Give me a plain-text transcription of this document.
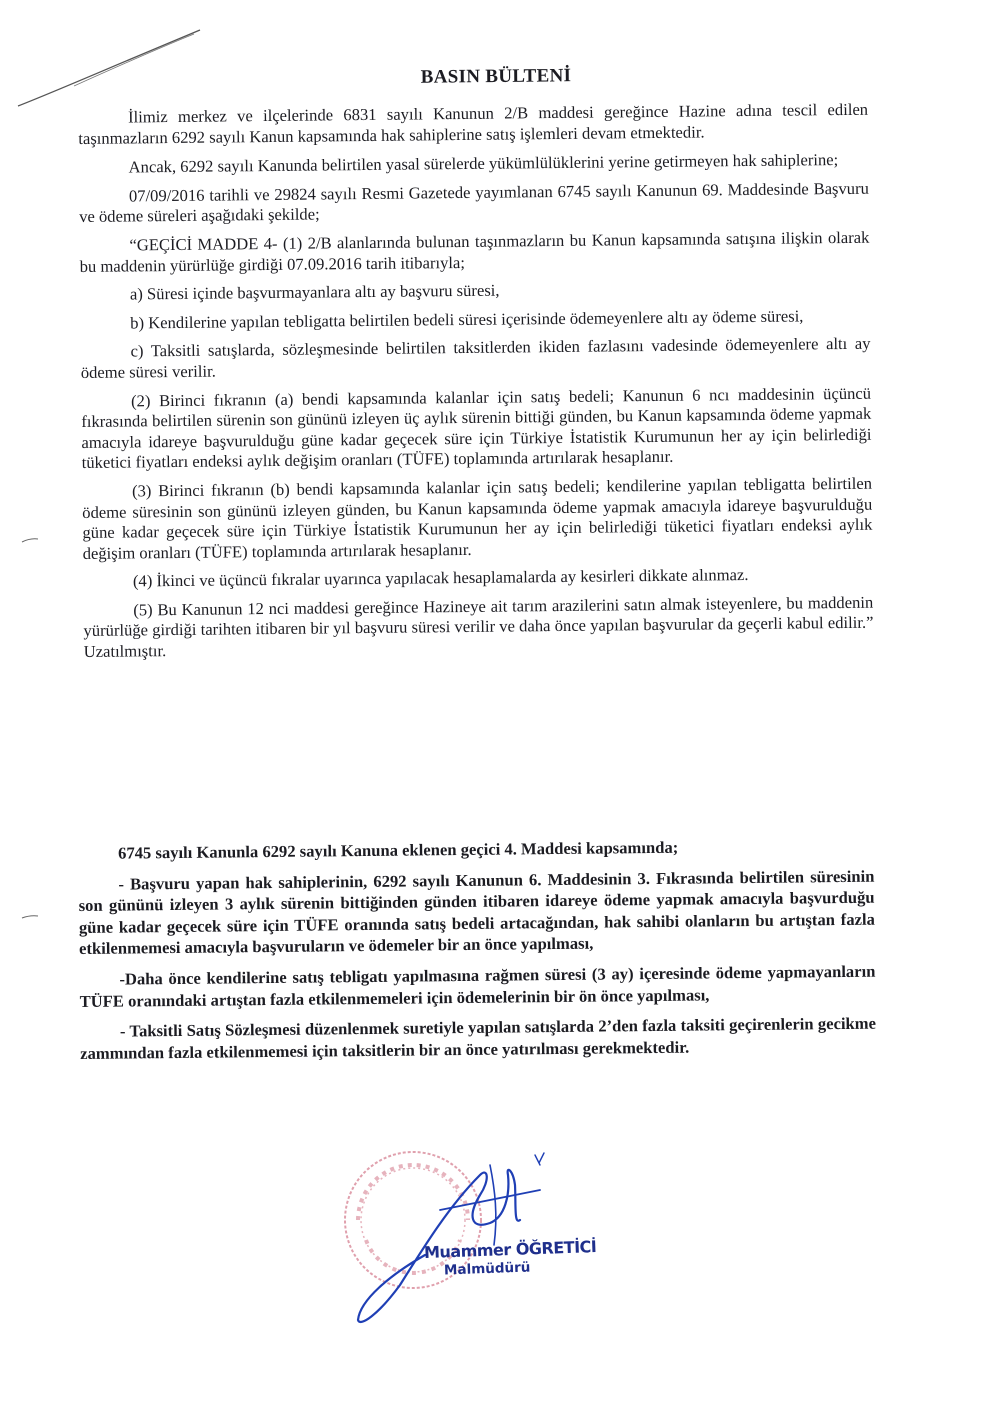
BASIN BÜLTENİ

İlimiz merkez ve ilçelerinde 6831 sayılı Kanunun 2/B maddesi gereğince Hazine adına tescil edilen taşınmazların 6292 sayılı Kanun kapsamında hak sahiplerine satış işlemleri devam etmektedir.

Ancak, 6292 sayılı Kanunda belirtilen yasal sürelerde yükümlülüklerini yerine getirmeyen hak sahiplerine;

07/09/2016 tarihli ve 29824 sayılı Resmi Gazetede yayımlanan 6745 sayılı Kanunun 69. Maddesinde Başvuru ve ödeme süreleri aşağıdaki şekilde;

“GEÇİCİ MADDE 4- (1) 2/B alanlarında bulunan taşınmazların bu Kanun kapsamında satışına ilişkin olarak bu maddenin yürürlüğe girdiği 07.09.2016 tarih itibarıyla;

a) Süresi içinde başvurmayanlara altı ay başvuru süresi,

b) Kendilerine yapılan tebligatta belirtilen bedeli süresi içerisinde ödemeyenlere altı ay ödeme süresi,

c) Taksitli satışlarda, sözleşmesinde belirtilen taksitlerden ikiden fazlasını vadesinde ödemeyenlere altı ay ödeme süresi verilir.

(2) Birinci fıkranın (a) bendi kapsamında kalanlar için satış bedeli; Kanunun 6 ncı maddesinin üçüncü fıkrasında belirtilen sürenin son gününü izleyen üç aylık sürenin bittiği günden, bu Kanun kapsamında ödeme yapmak amacıyla idareye başvurulduğu güne kadar geçecek süre için Türkiye İstatistik Kurumunun her ay için belirlediği tüketici fiyatları endeksi aylık değişim oranları (TÜFE) toplamında artırılarak hesaplanır.

(3) Birinci fıkranın (b) bendi kapsamında kalanlar için satış bedeli; kendilerine yapılan tebligatta belirtilen ödeme süresinin son gününü izleyen günden, bu Kanun kapsamında ödeme yapmak amacıyla idareye başvurulduğu güne kadar geçecek süre için Türkiye İstatistik Kurumunun her ay için belirlediği tüketici fiyatları endeksi aylık değişim oranları (TÜFE) toplamında artırılarak hesaplanır.

(4) İkinci ve üçüncü fıkralar uyarınca yapılacak hesaplamalarda ay kesirleri dikkate alınmaz.

(5) Bu Kanunun 12 nci maddesi gereğince Hazineye ait tarım arazilerini satın almak isteyenlere, bu maddenin yürürlüğe girdiği tarihten itibaren bir yıl başvuru süresi verilir ve daha önce yapılan başvurular da geçerli kabul edilir.” Uzatılmıştır.

6745 sayılı Kanunla 6292 sayılı Kanuna eklenen geçici 4. Maddesi kapsamında;

- Başvuru yapan hak sahiplerinin, 6292 sayılı Kanunun 6. Maddesinin 3. Fıkrasında belirtilen süresinin son gününü izleyen 3 aylık sürenin bittiğinden günden itibaren idareye ödeme yapmak amacıyla başvurduğu güne kadar geçecek süre için TÜFE oranında satış bedeli artacağından, hak sahibi olanların bu artıştan fazla etkilenmemesi amacıyla başvuruların ve ödemeler bir an önce yapılması,

-Daha önce kendilerine satış tebligatı yapılmasına rağmen süresi (3 ay) içeresinde ödeme yapmayanların TÜFE oranındaki artıştan fazla etkilenmemeleri için ödemelerinin bir ön önce yapılması,

- Taksitli Satış Sözleşmesi düzenlenmek suretiyle yapılan satışlarda 2’den fazla taksiti geçirenlerin gecikme zammından fazla etkilenmemesi için taksitlerin bir an önce yatırılması gerekmektedir.

Muammer ÖĞRETİCİ
Malmüdürü
